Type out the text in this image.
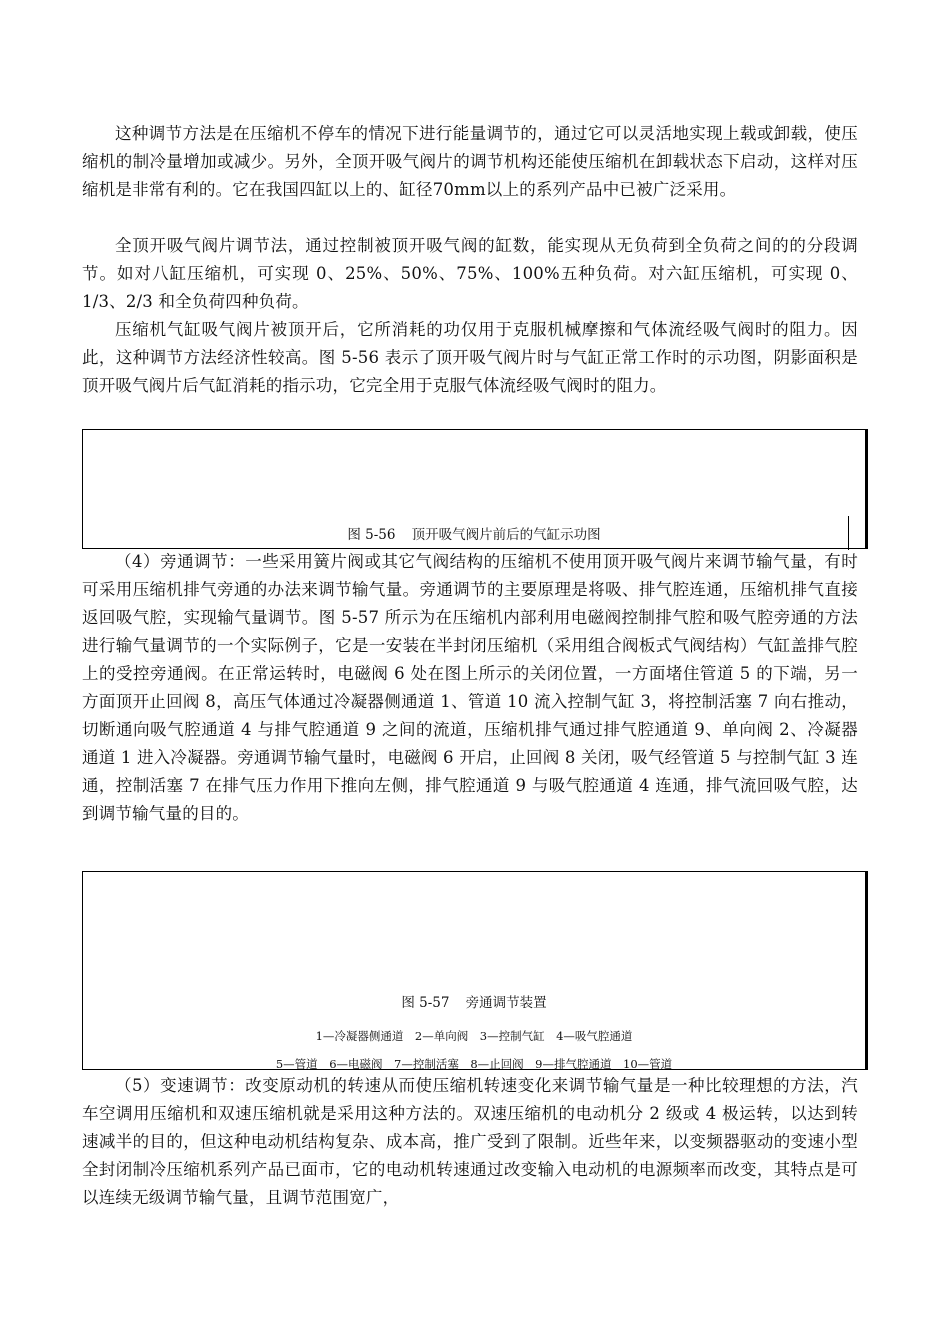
这种调节方法是在压缩机不停车的情况下进行能量调节的，通过它可以灵活地实现上载或卸载，使压缩机的制冷量增加或减少。另外，全顶开吸气阀片的调节机构还能使压缩机在卸载状态下启动，这样对压缩机是非常有利的。它在我国四缸以上的、缸径70mm以上的系列产品中已被广泛采用。

全顶开吸气阀片调节法，通过控制被顶开吸气阀的缸数，能实现从无负荷到全负荷之间的的分段调节。如对八缸压缩机，可实现 0、25%、50%、75%、100%五种负荷。对六缸压缩机，可实现 0、1/3、2/3 和全负荷四种负荷。

压缩机气缸吸气阀片被顶开后，它所消耗的功仅用于克服机械摩擦和气体流经吸气阀时的阻力。因此，这种调节方法经济性较高。图 5-56 表示了顶开吸气阀片时与气缸正常工作时的示功图，阴影面积是顶开吸气阀片后气缸消耗的指示功，它完全用于克服气体流经吸气阀时的阻力。

图 5-56 顶开吸气阀片前后的气缸示功图

（4）旁通调节：一些采用簧片阀或其它气阀结构的压缩机不使用顶开吸气阀片来调节输气量，有时可采用压缩机排气旁通的办法来调节输气量。旁通调节的主要原理是将吸、排气腔连通，压缩机排气直接返回吸气腔，实现输气量调节。图 5-57 所示为在压缩机内部利用电磁阀控制排气腔和吸气腔旁通的方法进行输气量调节的一个实际例子，它是一安装在半封闭压缩机（采用组合阀板式气阀结构）气缸盖排气腔上的受控旁通阀。在正常运转时，电磁阀 6 处在图上所示的关闭位置，一方面堵住管道 5 的下端，另一方面顶开止回阀 8，高压气体通过冷凝器侧通道 1、管道 10 流入控制气缸 3，将控制活塞 7 向右推动，切断通向吸气腔通道 4 与排气腔通道 9 之间的流道，压缩机排气通过排气腔通道 9、单向阀 2、冷凝器通道 1 进入冷凝器。旁通调节输气量时，电磁阀 6 开启，止回阀 8 关闭，吸气经管道 5 与控制气缸 3 连通，控制活塞 7 在排气压力作用下推向左侧，排气腔通道 9 与吸气腔通道 4 连通，排气流回吸气腔，达到调节输气量的目的。

图 5-57 旁通调节装置
1—冷凝器侧通道 2—单向阀 3—控制气缸 4—吸气腔通道
5—管道 6—电磁阀 7—控制活塞 8—止回阀 9—排气腔通道 10—管道

（5）变速调节：改变原动机的转速从而使压缩机转速变化来调节输气量是一种比较理想的方法，汽车空调用压缩机和双速压缩机就是采用这种方法的。双速压缩机的电动机分 2 级或 4 极运转，以达到转速减半的目的，但这种电动机结构复杂、成本高，推广受到了限制。近些年来，以变频器驱动的变速小型全封闭制冷压缩机系列产品已面市，它的电动机转速通过改变输入电动机的电源频率而改变，其特点是可以连续无级调节输气量，且调节范围宽广，
